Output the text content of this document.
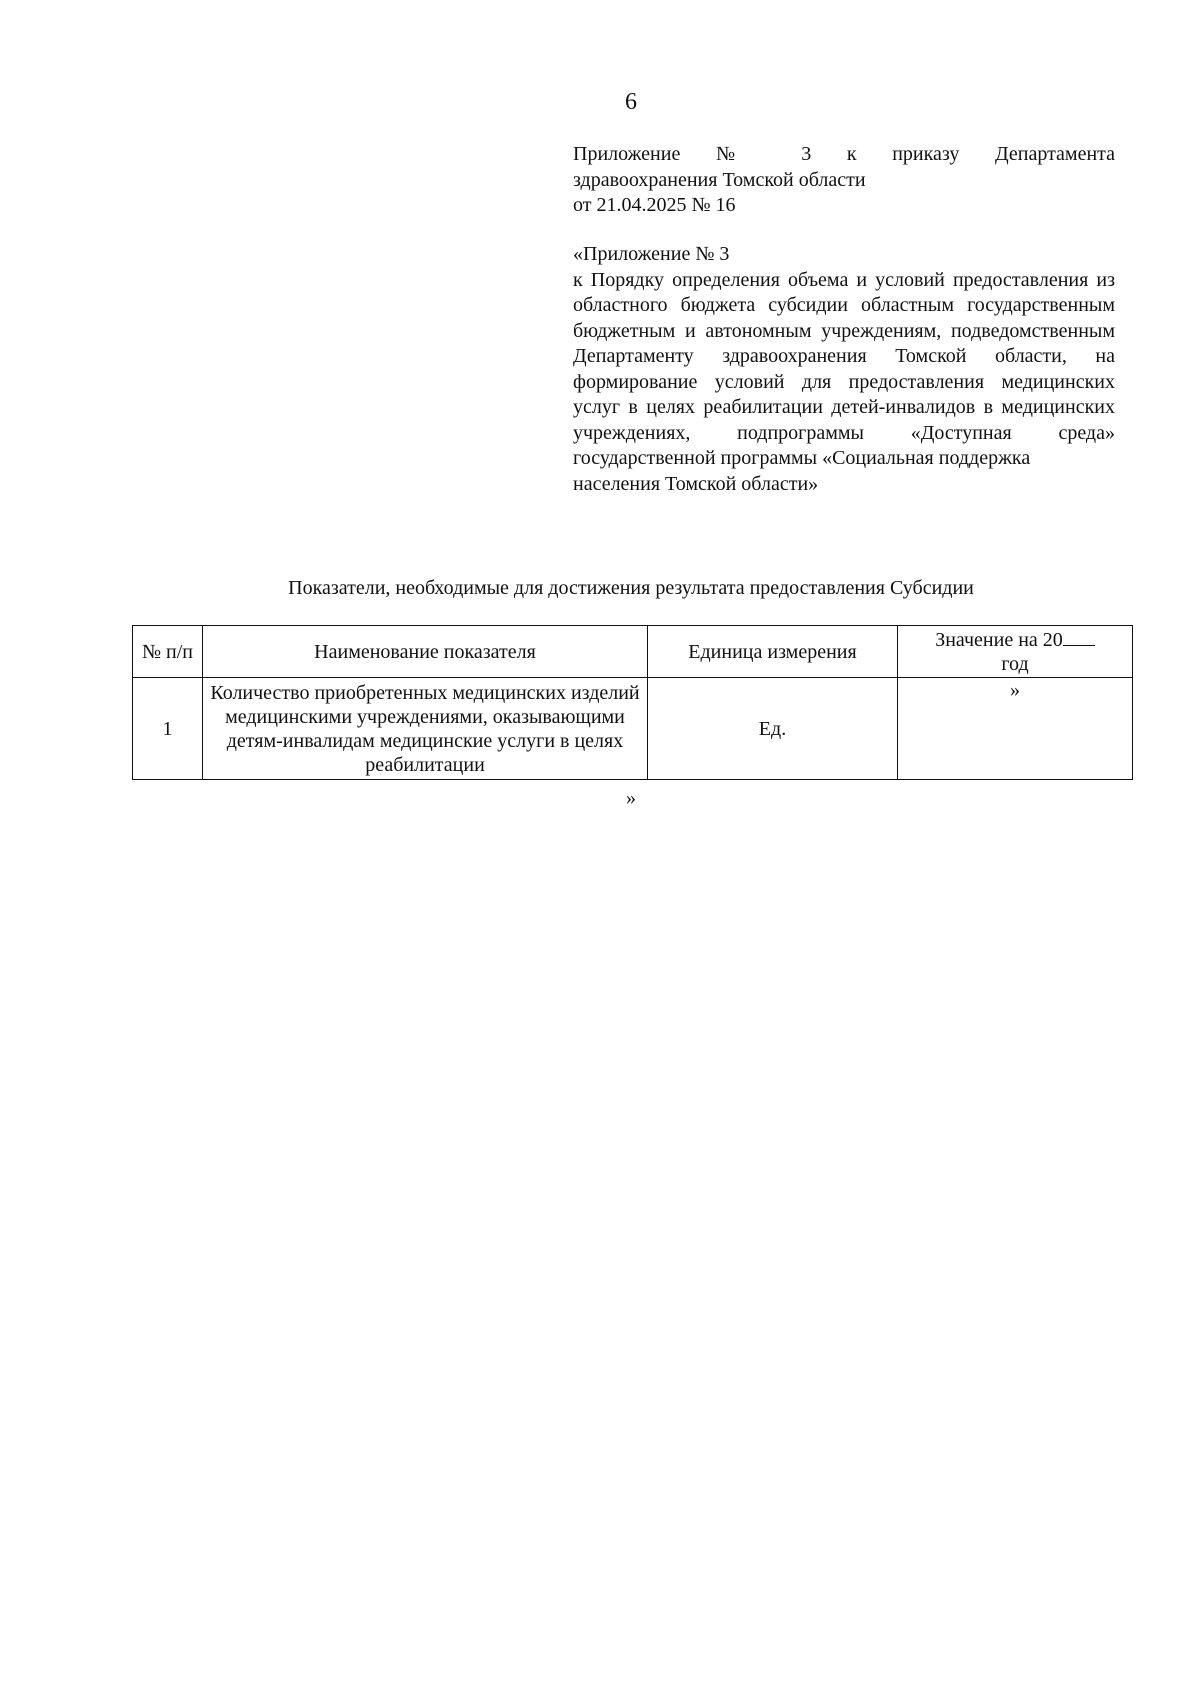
6
Приложение № 3 к приказу Департамента
здравоохранения Томской области
от 21.04.2025 № 16
«Приложение № 3
к Порядку определения объема и условий предоставления из областного бюджета субсидии областным государственным бюджетным и автономным учреждениям, подведомственным Департаменту здравоохранения Томской области, на формирование условий для предоставления медицинских услуг в целях реабилитации детей-инвалидов в медицинских учреждениях, подпрограммы «Доступная среда» государственной программы «Социальная поддержка
населения Томской области»
Показатели, необходимые для достижения результата предоставления Субсидии
№ п/п	Наименование показателя	Единица измерения	Значение на 20
год
1	Количество приобретенных медицинских изделий медицинскими учреждениями, оказывающими детям-инвалидам медицинские услуги в целях реабилитации	Ед.	»
»
